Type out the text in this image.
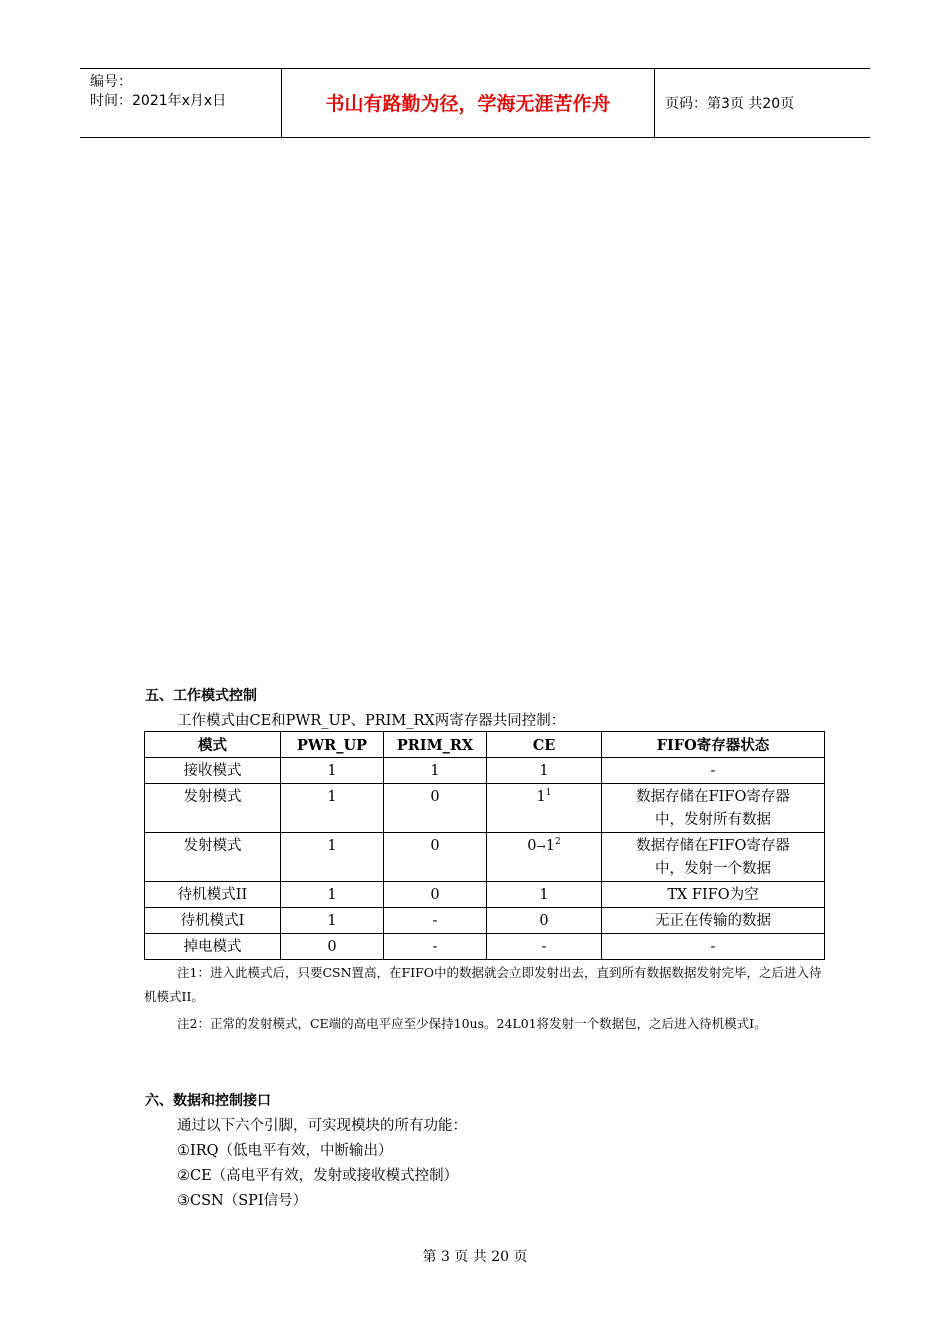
编号：
时间：2021年x月x日	书山有路勤为径，学海无涯苦作舟	页码：第3页 共20页
五、工作模式控制
工作模式由CE和PWR_UP、PRIM_RX两寄存器共同控制：
模式	PWR_UP	PRIM_RX	CE	FIFO寄存器状态
接收模式	1	1	1	-
发射模式	1	0	$1^1$	数据存储在FIFO寄存器
中，发射所有数据

发射模式	1	0	$0\to 1^2$	数据存储在FIFO寄存器
中，发射一个数据

待机模式II	1	0	1	TX FIFO为空
待机模式I	1	-	0	无正在传输的数据
掉电模式	0	-	-	-
注1：进入此模式后，只要CSN置高，在FIFO中的数据就会立即发射出去，直到所有数据数据发射完毕，之后进入待机模式II。
注2：正常的发射模式，CE端的高电平应至少保持10us。24L01将发射一个数据包，之后进入待机模式I。
六、数据和控制接口
通过以下六个引脚，可实现模块的所有功能：
①IRQ（低电平有效，中断输出）
②CE（高电平有效，发射或接收模式控制）
③CSN（SPI信号）
第 3 页 共 20 页
